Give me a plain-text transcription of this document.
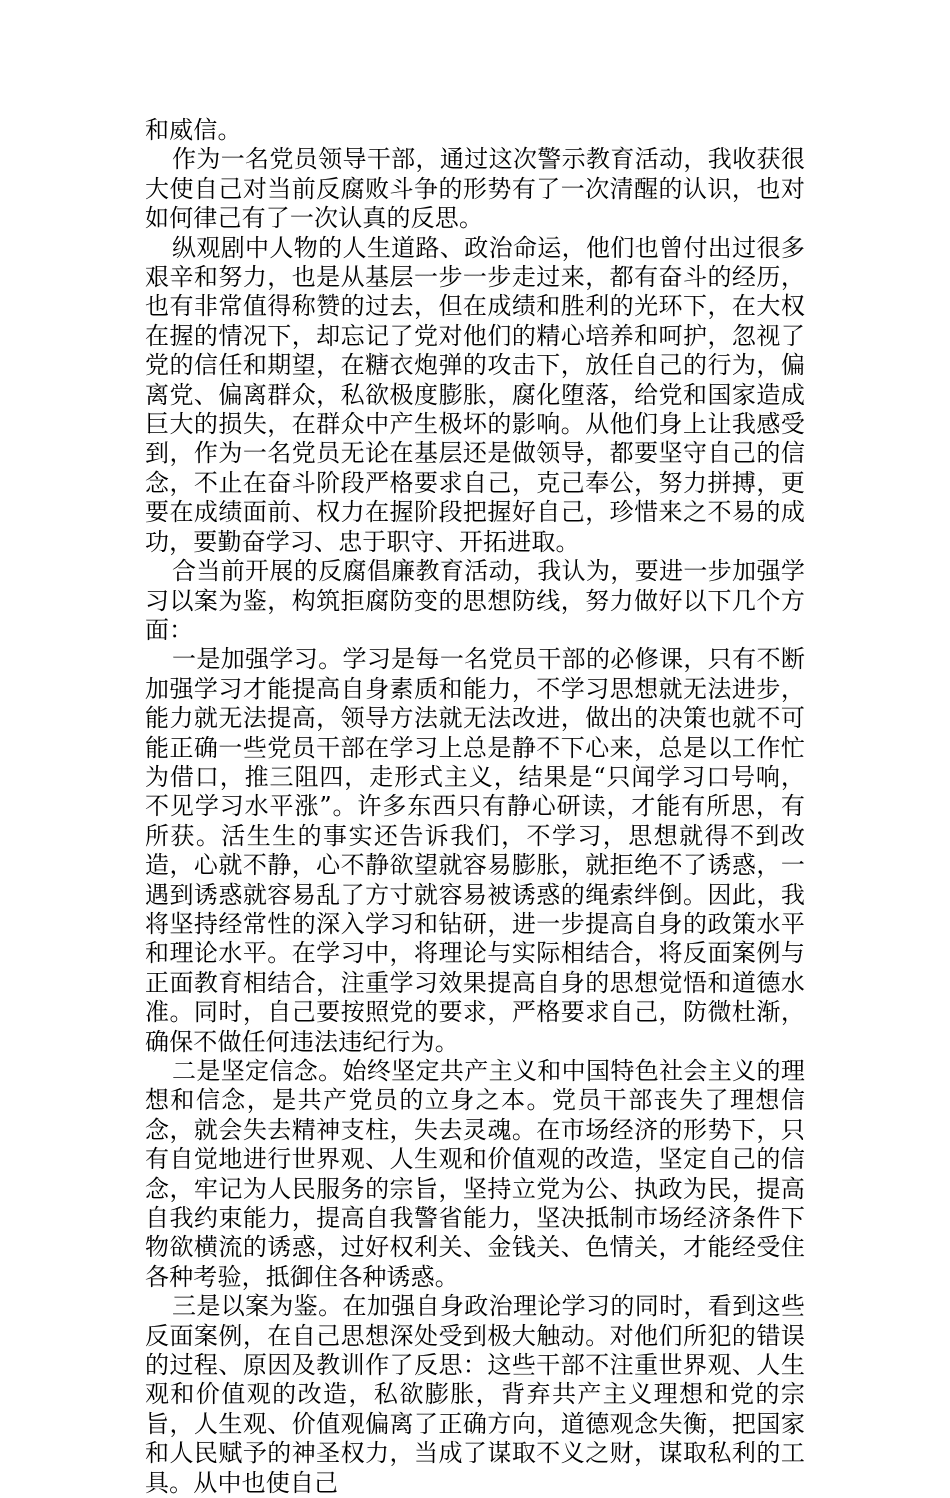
和威信。

作为一名党员领导干部，通过这次警示教育活动，我收获很大使自己对当前反腐败斗争的形势有了一次清醒的认识，也对如何律己有了一次认真的反思。

纵观剧中人物的人生道路、政治命运，他们也曾付出过很多艰辛和努力，也是从基层一步一步走过来，都有奋斗的经历，也有非常值得称赞的过去，但在成绩和胜利的光环下，在大权在握的情况下，却忘记了党对他们的精心培养和呵护，忽视了党的信任和期望，在糖衣炮弹的攻击下，放任自己的行为，偏离党、偏离群众，私欲极度膨胀，腐化堕落，给党和国家造成巨大的损失，在群众中产生极坏的影响。从他们身上让我感受到，作为一名党员无论在基层还是做领导，都要坚守自己的信念，不止在奋斗阶段严格要求自己，克己奉公，努力拼搏，更要在成绩面前、权力在握阶段把握好自己，珍惜来之不易的成功，要勤奋学习、忠于职守、开拓进取。

合当前开展的反腐倡廉教育活动，我认为，要进一步加强学习以案为鉴，构筑拒腐防变的思想防线，努力做好以下几个方面：

一是加强学习。学习是每一名党员干部的必修课，只有不断加强学习才能提高自身素质和能力，不学习思想就无法进步，能力就无法提高，领导方法就无法改进，做出的决策也就不可能正确一些党员干部在学习上总是静不下心来，总是以工作忙为借口，推三阻四，走形式主义，结果是“只闻学习口号响，不见学习水平涨”。许多东西只有静心研读，才能有所思，有所获。活生生的事实还告诉我们，不学习，思想就得不到改造，心就不静，心不静欲望就容易膨胀，就拒绝不了诱惑，一遇到诱惑就容易乱了方寸就容易被诱惑的绳索绊倒。因此，我将坚持经常性的深入学习和钻研，进一步提高自身的政策水平和理论水平。在学习中，将理论与实际相结合，将反面案例与正面教育相结合，注重学习效果提高自身的思想觉悟和道德水准。同时，自己要按照党的要求，严格要求自己，防微杜渐，确保不做任何违法违纪行为。

二是坚定信念。始终坚定共产主义和中国特色社会主义的理想和信念，是共产党员的立身之本。党员干部丧失了理想信念，就会失去精神支柱，失去灵魂。在市场经济的形势下，只有自觉地进行世界观、人生观和价值观的改造，坚定自己的信念，牢记为人民服务的宗旨，坚持立党为公、执政为民，提高自我约束能力，提高自我警省能力，坚决抵制市场经济条件下物欲横流的诱惑，过好权利关、金钱关、色情关，才能经受住各种考验，抵御住各种诱惑。

三是以案为鉴。在加强自身政治理论学习的同时，看到这些反面案例，在自己思想深处受到极大触动。对他们所犯的错误的过程、原因及教训作了反思：这些干部不注重世界观、人生观和价值观的改造，私欲膨胀，背弃共产主义理想和党的宗旨，人生观、价值观偏离了正确方向，道德观念失衡，把国家和人民赋予的神圣权力，当成了谋取不义之财，谋取私利的工具。从中也使自己
